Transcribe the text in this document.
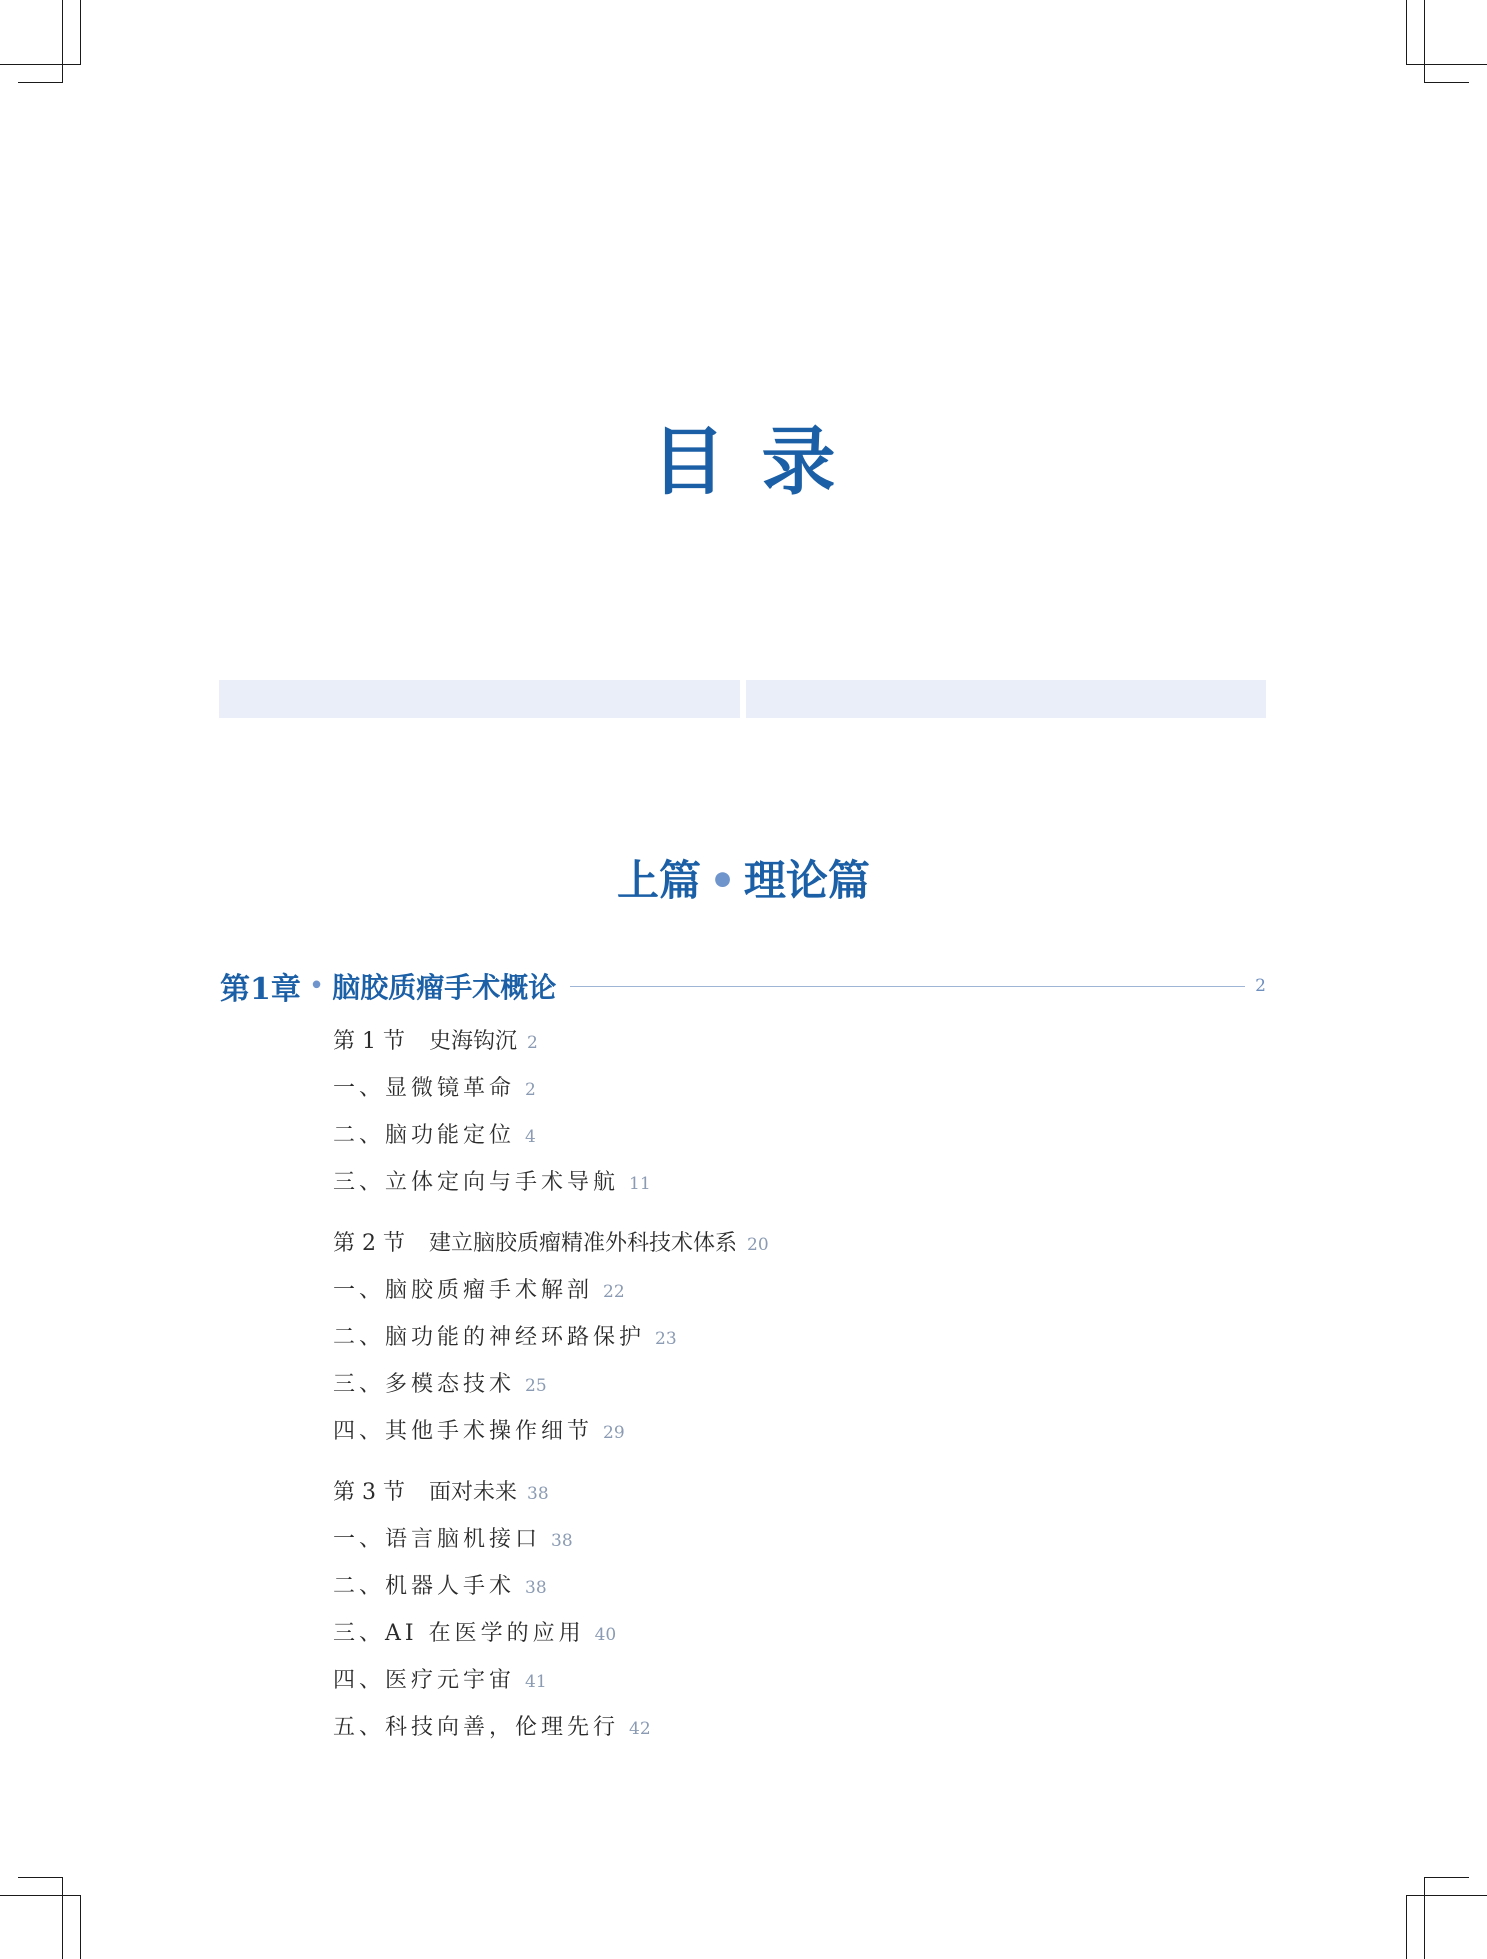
目录
上篇 • 理论篇
第1章 • 脑胶质瘤手术概论	2
第 1 节 史海钩沉 2
一、显微镜革命 2
二、脑功能定位 4
三、立体定向与手术导航 11
第 2 节 建立脑胶质瘤精准外科技术体系 20
一、脑胶质瘤手术解剖 22
二、脑功能的神经环路保护 23
三、多模态技术 25
四、其他手术操作细节 29
第 3 节 面对未来 38
一、语言脑机接口 38
二、机器人手术 38
三、AI 在医学的应用 40
四、医疗元宇宙 41
五、科技向善，伦理先行 42
